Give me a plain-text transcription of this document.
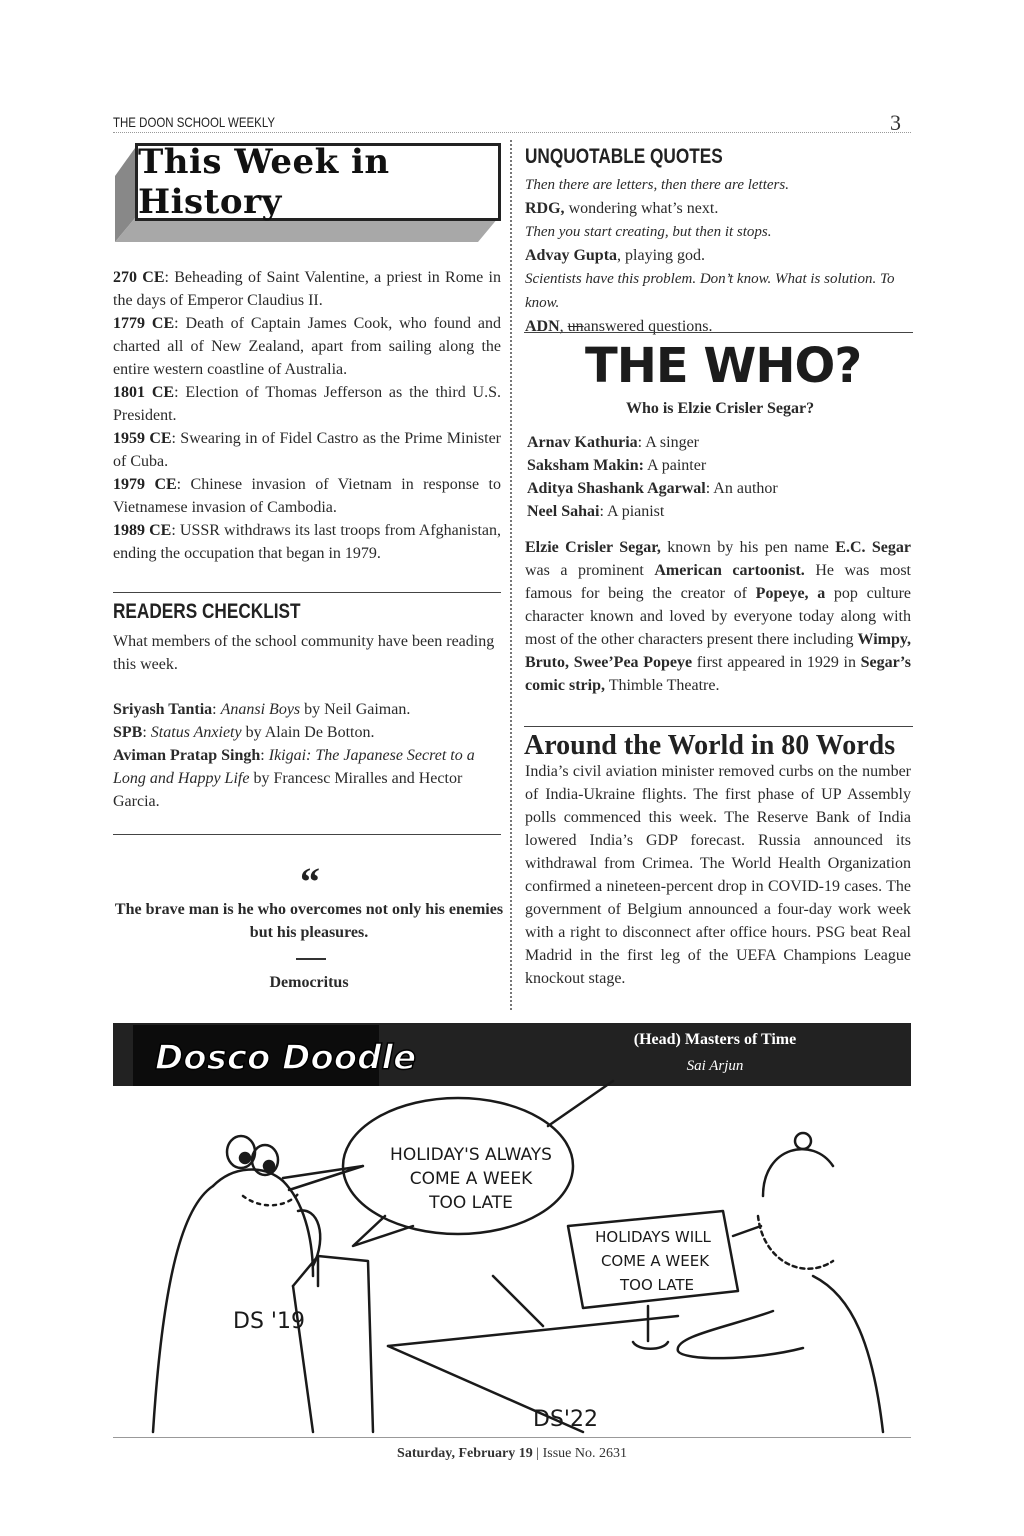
THE DOON SCHOOL WEEKLY	3
This Week in History

270 CE: Beheading of Saint Valentine, a priest in Rome in the days of Emperor Claudius II.

1779 CE: Death of Captain James Cook, who found and charted all of New Zealand, apart from sailing along the entire western coastline of Australia.

1801 CE: Election of Thomas Jefferson as the third U.S. President.

1959 CE: Swearing in of Fidel Castro as the Prime Minister of Cuba.

1979 CE: Chinese invasion of Vietnam in response to Vietnamese invasion of Cambodia.

1989 CE: USSR withdraws its last troops from Afghanistan, ending the occupation that began in 1979.

READERS CHECKLIST
What members of the school community have been reading this week.

Sriyash Tantia: Anansi Boys by Neil Gaiman.

SPB: Status Anxiety by Alain De Botton.

Aviman Pratap Singh: Ikigai: The Japanese Secret to a Long and Happy Life by Francesc Miralles and Hector Garcia.

“
The brave man is he who overcomes not only his enemies but his pleasures.
Democritus
UNQUOTABLE QUOTES

Then there are letters, then there are letters.

RDG, wondering what’s next.

Then you start creating, but then it stops.

Advay Gupta, playing god.

Scientists have this problem. Don’t know. What is solution. To know.

ADN, unanswered questions.

THE WHO?
Who is Elzie Crisler Segar?

Arnav Kathuria: A singer

Saksham Makin: A painter

Aditya Shashank Agarwal: An author

Neel Sahai: A pianist

Elzie Crisler Segar, known by his pen name E.C. Segar was a prominent American cartoonist. He was most famous for being the creator of Popeye, a pop culture character known and loved by everyone today along with most of the other characters present there including Wimpy, Bruto, Swee’Pea Popeye first appeared in 1929 in Segar’s comic strip, Thimble Theatre.
Around the World in 80 Words
India’s civil aviation minister removed curbs on the number of India-Ukraine flights. The first phase of UP Assembly polls commenced this week. The Reserve Bank of India lowered India’s GDP forecast. Russia announced its withdrawal from Crimea. The World Health Organization confirmed a nineteen-percent drop in COVID-19 cases. The government of Belgium announced a four-day work week with a right to disconnect after office hours. PSG beat Real Madrid in the first leg of the UEFA Champions League knockout stage.
Dosco Doodle	(Head) Masters of Time
Sai Arjun
DS '19
HOLIDAY'S ALWAYS
COME A WEEK
TOO LATE
HOLIDAYS WILL
COME A WEEK
TOO LATE
DS'22
Saturday, February 19 | Issue No. 2631
